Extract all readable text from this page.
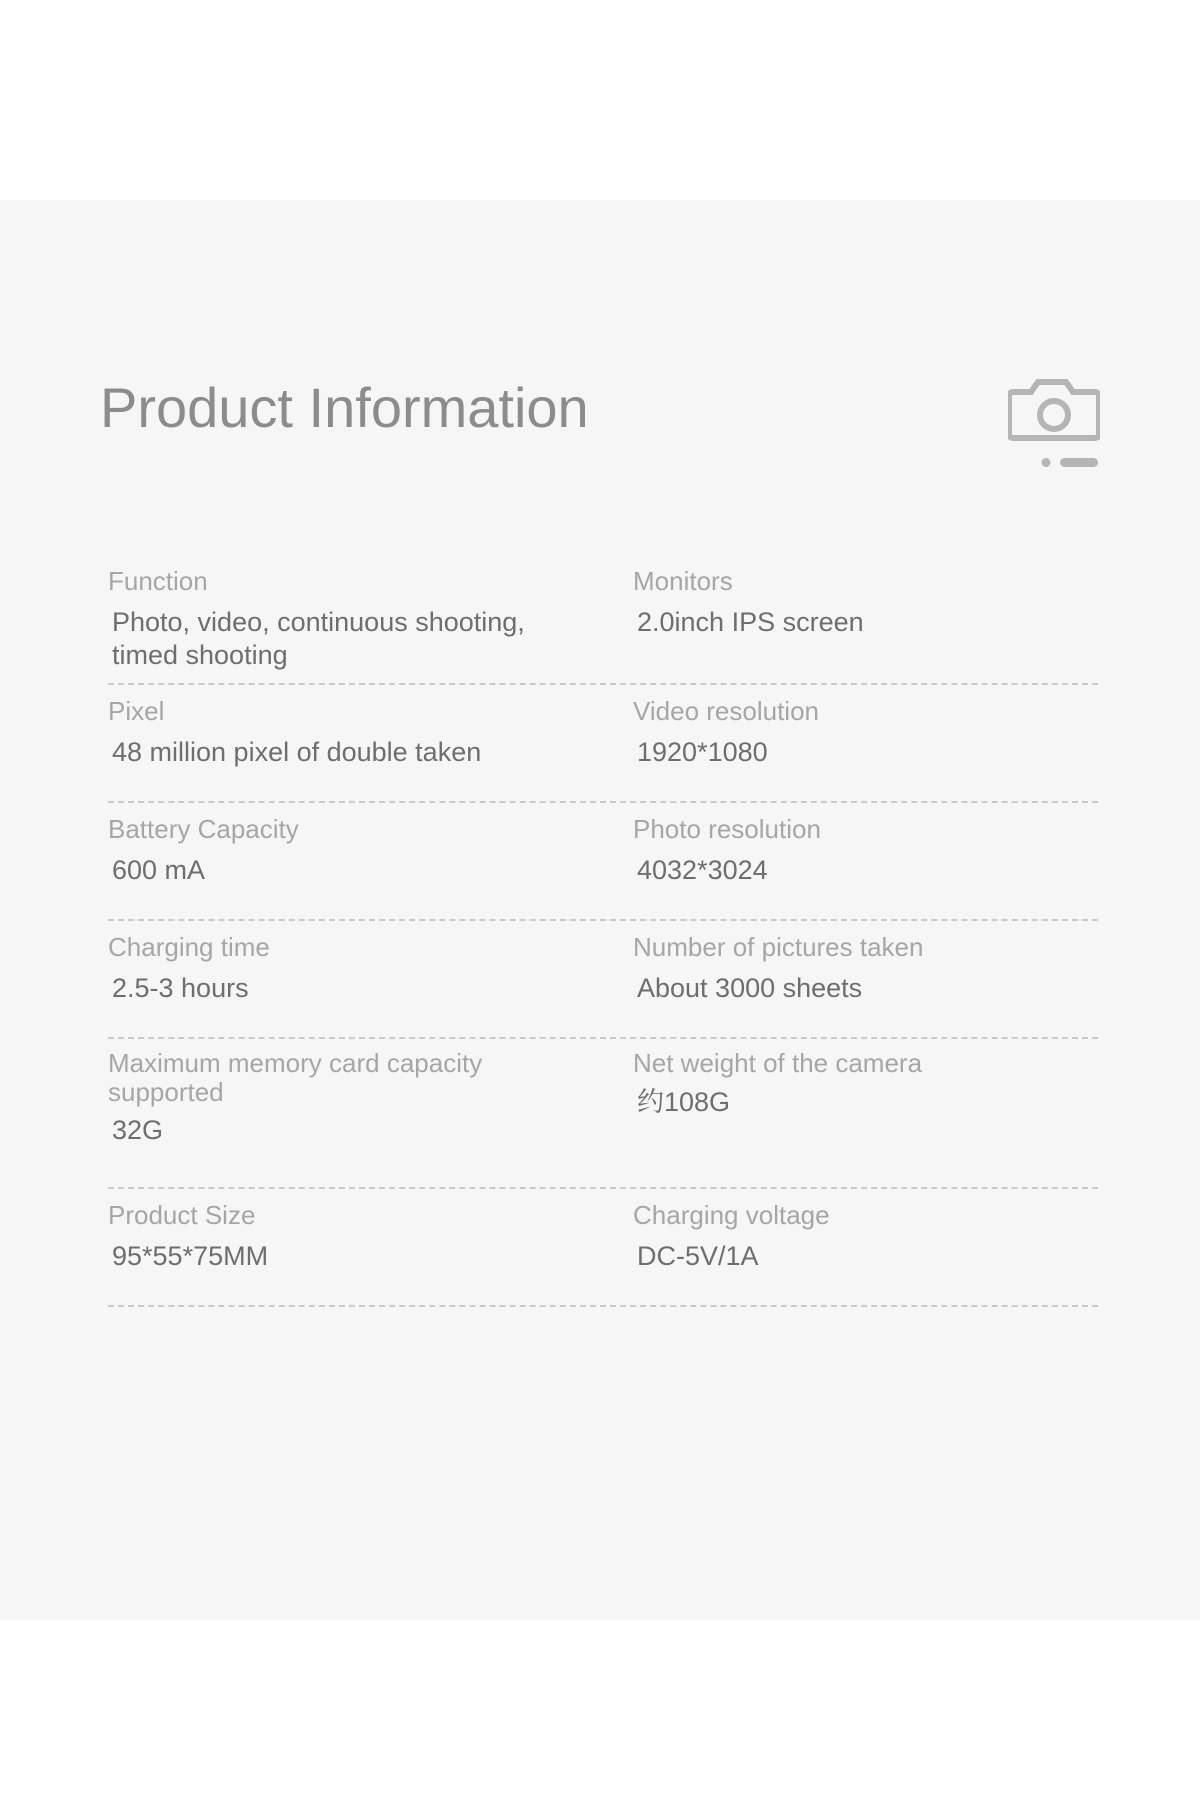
Product Information
Function
Photo, video, continuous shooting, timed shooting
Monitors
2.0inch IPS screen
Pixel
48 million pixel of double taken
Video resolution
1920*1080
Battery Capacity
600 mA
Photo resolution
4032*3024
Charging time
2.5-3 hours
Number of pictures taken
About 3000 sheets
Maximum memory card capacity supported
32G
Net weight of the camera
约108G
Product Size
95*55*75MM
Charging voltage
DC-5V/1A
